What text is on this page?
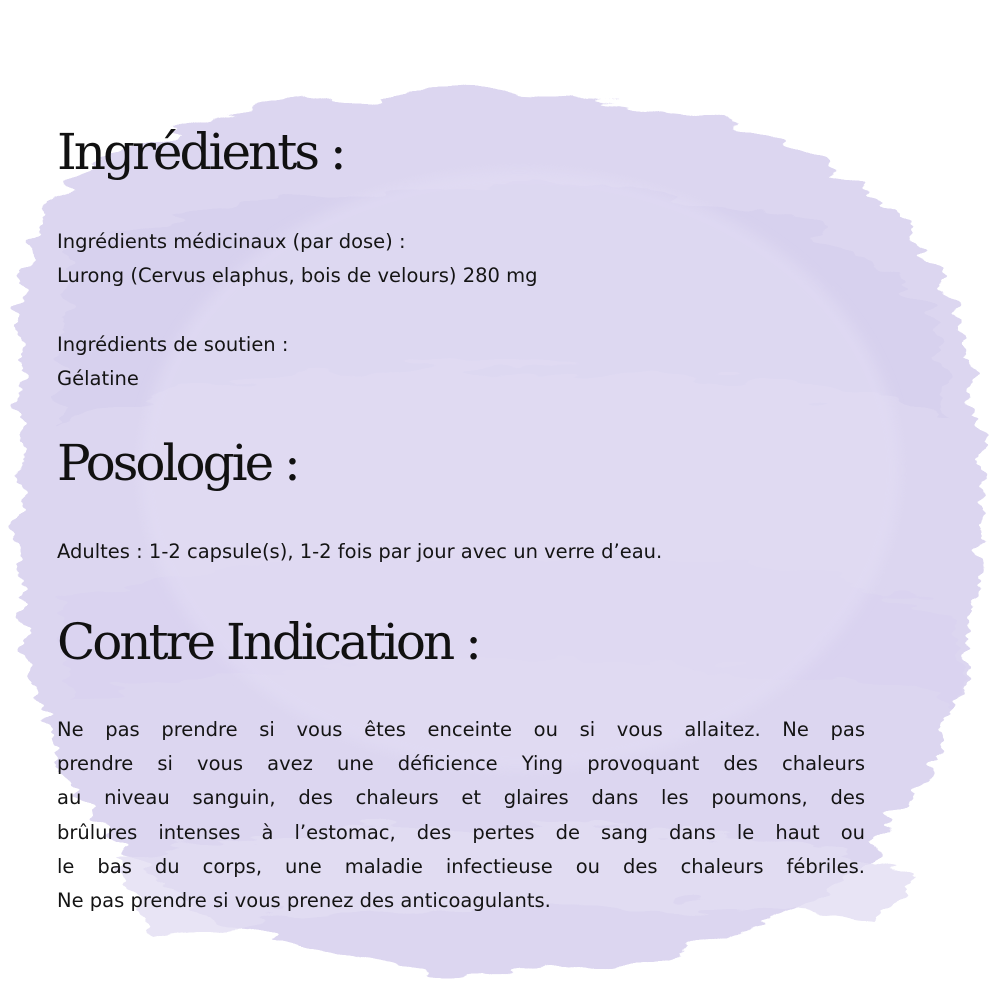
Ingrédients :

Ingrédients médicinaux (par dose) :

Lurong (Cervus elaphus, bois de velours) 280 mg

Ingrédients de soutien :

Gélatine

Posologie :

Adultes : 1-2 capsule(s), 1-2 fois par jour avec un verre d’eau.

Contre Indication :
Ne pas prendre si vous êtes enceinte ou si vous allaitez. Ne pas
prendre si vous avez une déficience Ying provoquant des chaleurs
au niveau sanguin, des chaleurs et glaires dans les poumons, des
brûlures intenses à l’estomac, des pertes de sang dans le haut ou
le bas du corps, une maladie infectieuse ou des chaleurs fébriles.
Ne pas prendre si vous prenez des anticoagulants.
